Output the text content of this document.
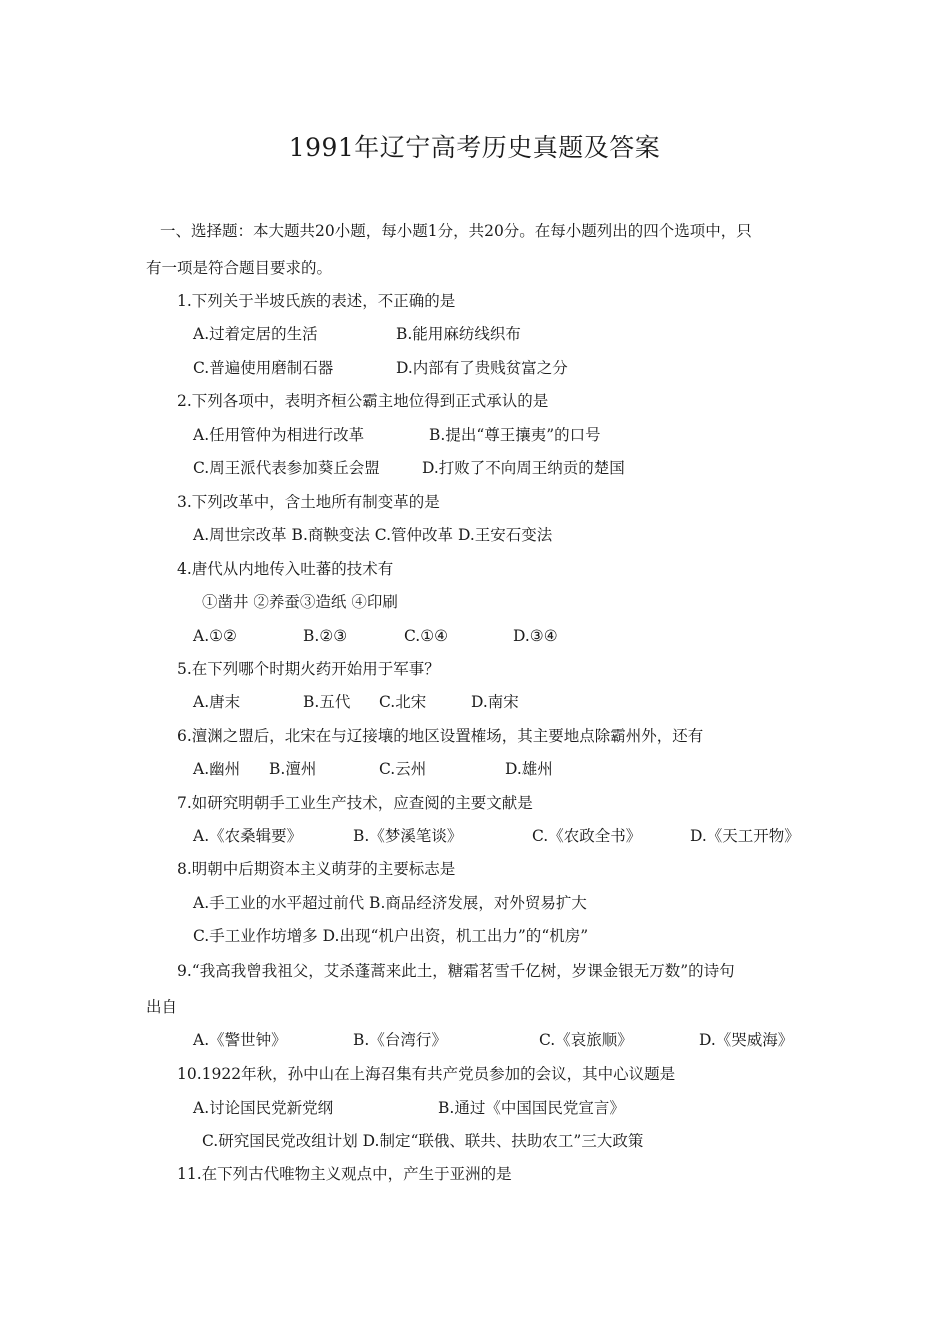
1991年辽宁高考历史真题及答案
一、选择题：本大题共20小题，每小题1分，共20分。在每小题列出的四个选项中，只
有一项是符合题目要求的。
1.下列关于半坡氏族的表述，不正确的是
A.过着定居的生活	B.能用麻纺线织布
C.普遍使用磨制石器	D.内部有了贵贱贫富之分
2.下列各项中，表明齐桓公霸主地位得到正式承认的是
A.任用管仲为相进行改革	B.提出“尊王攘夷”的口号
C.周王派代表参加葵丘会盟	D.打败了不向周王纳贡的楚国
3.下列改革中，含土地所有制变革的是
A.周世宗改革 B.商鞅变法 C.管仲改革 D.王安石变法
4.唐代从内地传入吐蕃的技术有
①凿井 ②养蚕③造纸 ④印刷
A.①②	B.②③	C.①④	D.③④
5.在下列哪个时期火药开始用于军事？
A.唐末	B.五代 C.北宋	D.南宋
6.澶渊之盟后，北宋在与辽接壤的地区设置榷场，其主要地点除霸州外，还有
A.幽州 B.澶州	C.云州	D.雄州
7.如研究明朝手工业生产技术，应查阅的主要文献是
A.《农桑辑要》	B.《梦溪笔谈》	C.《农政全书》	D.《天工开物》
8.明朝中后期资本主义萌芽的主要标志是
A.手工业的水平超过前代 B.商品经济发展，对外贸易扩大
C.手工业作坊增多 D.出现“机户出资，机工出力”的“机房”
9.“我高我曾我祖父，艾杀蓬蒿来此土，糖霜茗雪千亿树，岁课金银无万数”的诗句
出自
A.《警世钟》	B.《台湾行》	C.《哀旅顺》	D.《哭威海》
10.1922年秋，孙中山在上海召集有共产党员参加的会议，其中心议题是
A.讨论国民党新党纲	B.通过《中国国民党宣言》
C.研究国民党改组计划 D.制定“联俄、联共、扶助农工”三大政策
11.在下列古代唯物主义观点中，产生于亚洲的是
